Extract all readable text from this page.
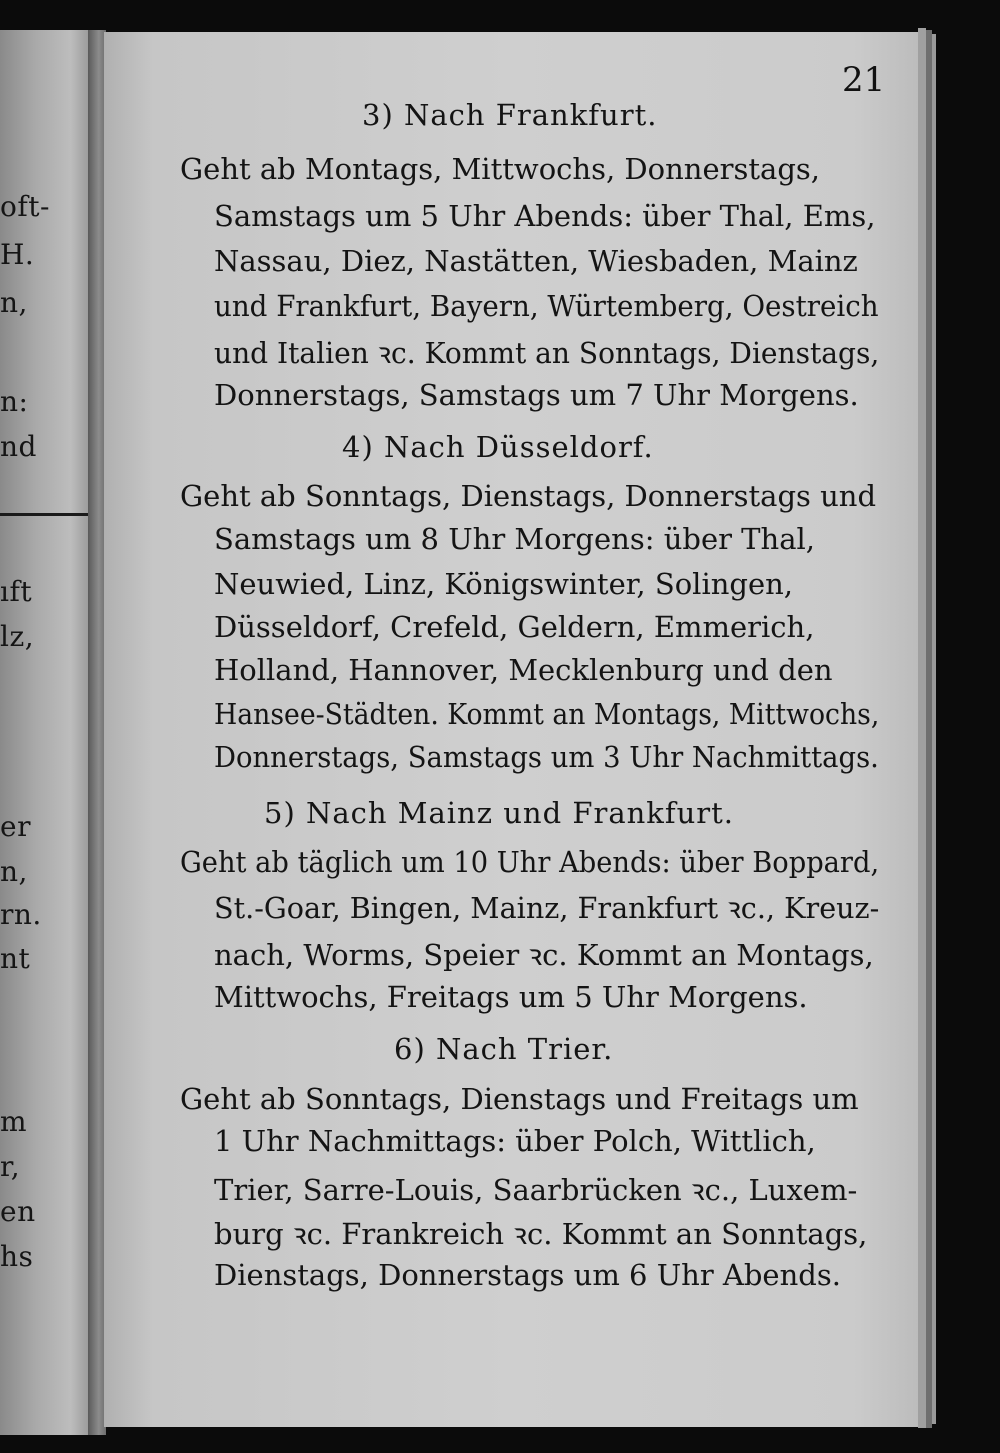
oft-
H.
n,
n:
nd
ıft
lz,
er
n,
rn.
nt
m
r,
en
hs
21
3) Nach Frankfurt.
Geht ab Montags, Mittwochs, Donnerstags,
Samstags um 5 Uhr Abends: über Thal, Ems,
Nassau, Diez, Nastätten, Wiesbaden, Mainz
und Frankfurt, Bayern, Würtemberg, Oestreich
und Italien ꝛc. Kommt an Sonntags, Dienstags,
Donnerstags, Samstags um 7 Uhr Morgens.
4) Nach Düsseldorf.
Geht ab Sonntags, Dienstags, Donnerstags und
Samstags um 8 Uhr Morgens: über Thal,
Neuwied, Linz, Königswinter, Solingen,
Düsseldorf, Crefeld, Geldern, Emmerich,
Holland, Hannover, Mecklenburg und den
Hansee-Städten. Kommt an Montags, Mittwochs,
Donnerstags, Samstags um 3 Uhr Nachmittags.
5) Nach Mainz und Frankfurt.
Geht ab täglich um 10 Uhr Abends: über Boppard,
St.-Goar, Bingen, Mainz, Frankfurt ꝛc., Kreuz-
nach, Worms, Speier ꝛc. Kommt an Montags,
Mittwochs, Freitags um 5 Uhr Morgens.
6) Nach Trier.
Geht ab Sonntags, Dienstags und Freitags um
1 Uhr Nachmittags: über Polch, Wittlich,
Trier, Sarre-Louis, Saarbrücken ꝛc., Luxem-
burg ꝛc. Frankreich ꝛc. Kommt an Sonntags,
Dienstags, Donnerstags um 6 Uhr Abends.
